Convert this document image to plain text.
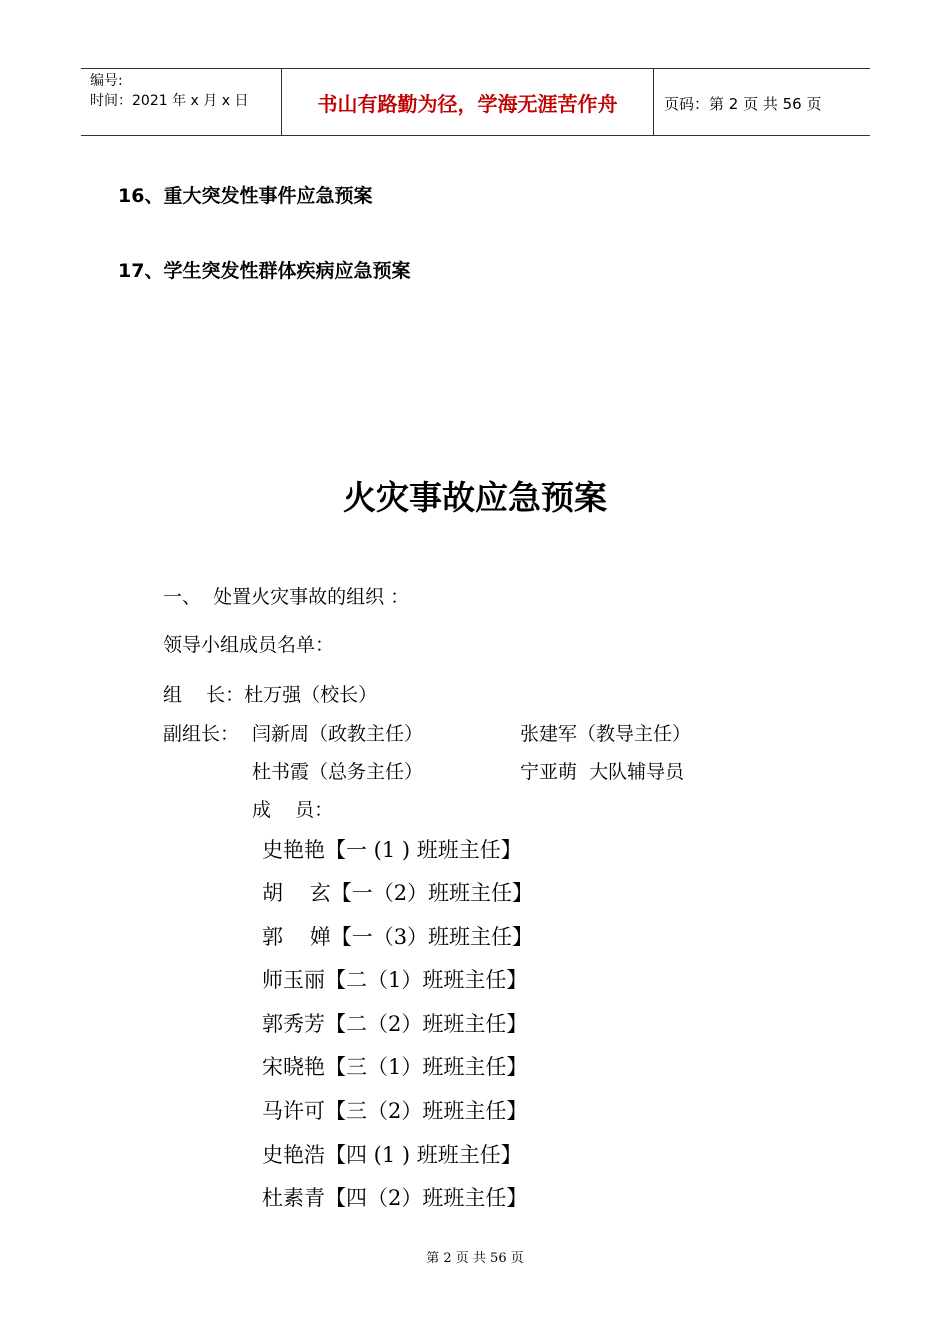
编号:
时间：2021 年 x 月 x 日	书山有路勤为径，学海无涯苦作舟	页码：第 2 页 共 56 页
16、重大突发性事件应急预案
17、学生突发性群体疾病应急预案
火灾事故应急预案
一、  处置火灾事故的组织 ：
领导小组成员名单：
组    长：杜万强（校长）
副组长： 闫新周（政教主任）	张建军（教导主任）
杜书霞（总务主任）	宁亚萌  大队辅导员
成    员：
史艳艳【一 (1 ) 班班主任】
胡    玄【一（2）班班主任】
郭    婵【一（3）班班主任】
师玉丽【二（1）班班主任】
郭秀芳【二（2）班班主任】
宋晓艳【三（1）班班主任】
马许可【三（2）班班主任】
史艳浩【四 (1 ) 班班主任】
杜素青【四（2）班班主任】
第 2 页 共 56 页
